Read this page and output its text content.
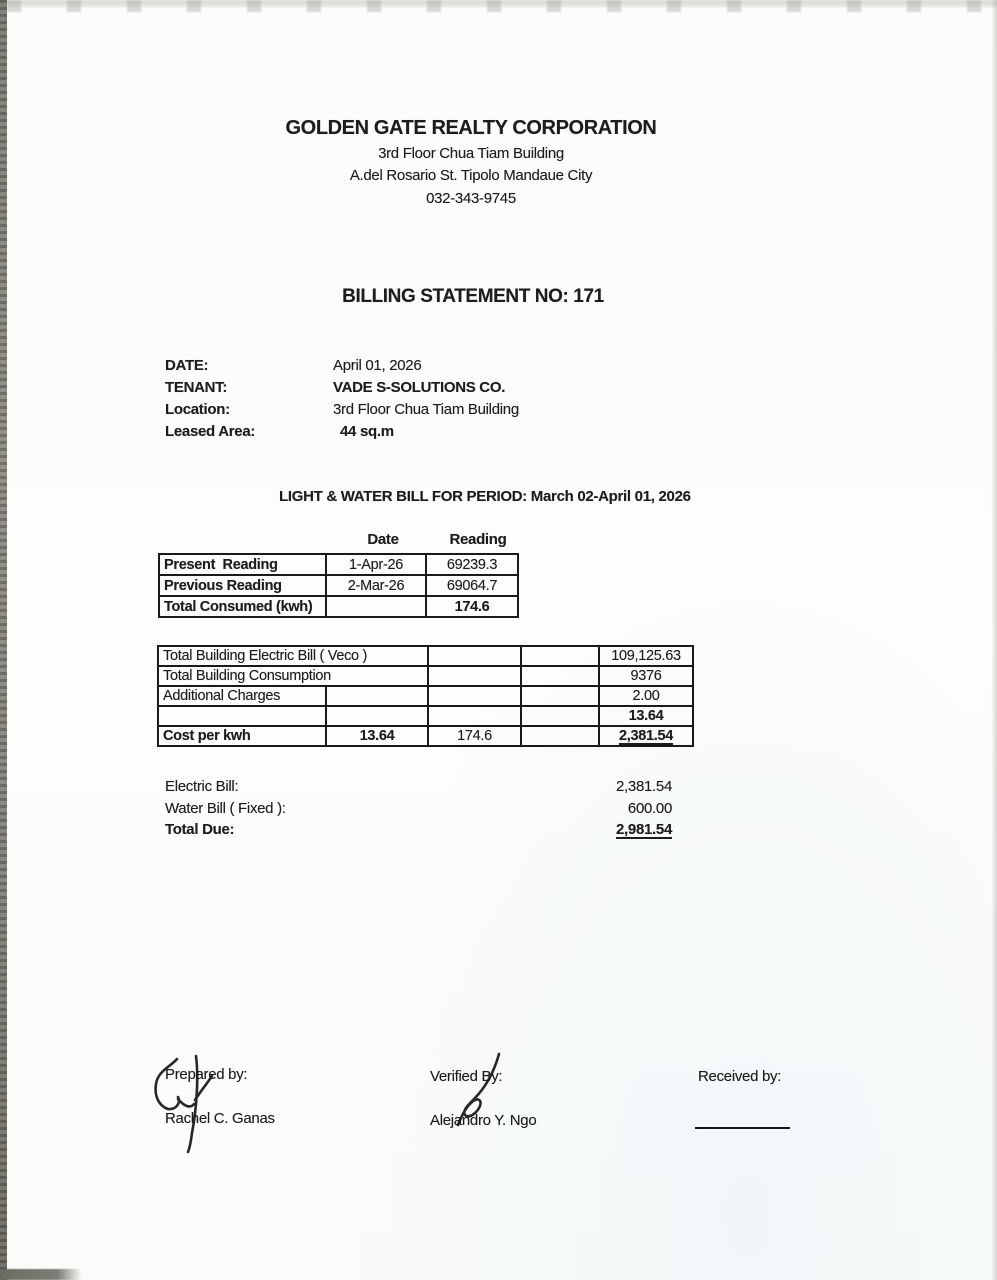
GOLDEN GATE REALTY CORPORATION
3rd Floor Chua Tiam Building
A.del Rosario St. Tipolo Mandaue City
032-343-9745
BILLING STATEMENT NO: 171
DATE:	April 01, 2026
TENANT:	VADE S-SOLUTIONS CO.
Location:	3rd Floor Chua Tiam Building
Leased Area:	44 sq.m
LIGHT & WATER BILL FOR PERIOD: March 02-April 01, 2026
Date	Reading
Present  Reading	1-Apr-26	69239.3
Previous Reading	2-Mar-26	69064.7
Total Consumed (kwh)		174.6
Total Building Electric Bill ( Veco )				109,125.63
Total Building Consumption				9376
Additional Charges				2.00
				13.64
Cost per kwh	13.64	174.6		2,381.54
Electric Bill:	2,381.54
Water Bill ( Fixed ):	600.00
Total Due:	2,981.54
Prepared by:
Rachel C. Ganas
Verified By:
Alejandro Y. Ngo
Received by:
